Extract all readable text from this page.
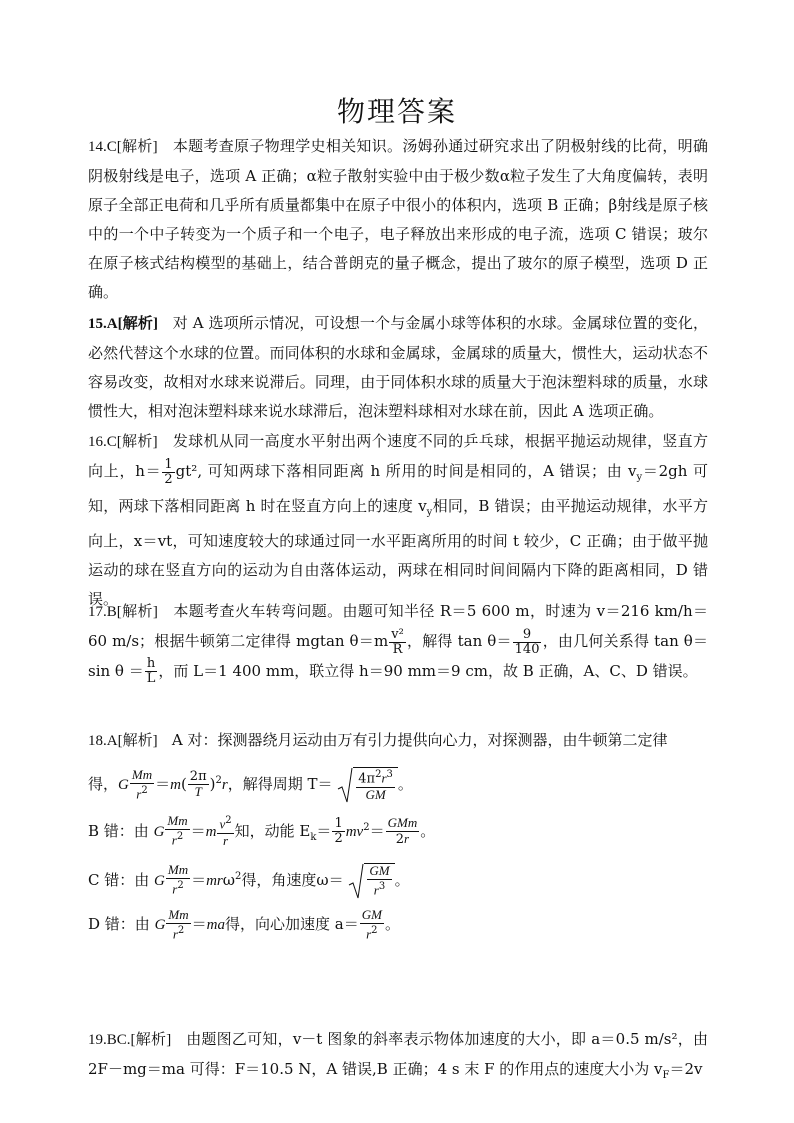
物理答案

14.C[解析] 本题考查原子物理学史相关知识。汤姆孙通过研究求出了阴极射线的比荷，明确阴极射线是电子，选项 A 正确；α粒子散射实验中由于极少数α粒子发生了大角度偏转，表明原子全部正电荷和几乎所有质量都集中在原子中很小的体积内，选项 B 正确；β射线是原子核中的一个中子转变为一个质子和一个电子，电子释放出来形成的电子流，选项 C 错误；玻尔在原子核式结构模型的基础上，结合普朗克的量子概念，提出了玻尔的原子模型，选项 D 正确。

15.A[解析] 对 A 选项所示情况，可设想一个与金属小球等体积的水球。金属球位置的变化，必然代替这个水球的位置。而同体积的水球和金属球，金属球的质量大，惯性大，运动状态不容易改变，故相对水球来说滞后。同理，由于同体积水球的质量大于泡沫塑料球的质量，水球惯性大，相对泡沫塑料球来说水球滞后，泡沫塑料球相对水球在前，因此 A 选项正确。

16.C[解析] 发球机从同一高度水平射出两个速度不同的乒乓球，根据平抛运动规律，竖直方向上，$h= \frac{1}{2} gt^2$, 可知两球下落相同距离 h 所用的时间是相同的，A 错误；由 $v_y=2gh$ 可知，两球下落相同距离 h 时在竖直方向上的速度 $v_y$相同，B 错误；由平抛运动规律，水平方向上，x＝vt，可知速度较大的球通过同一水平距离所用的时间 t 较少，C 正确；由于做平抛运动的球在竖直方向的运动为自由落体运动，两球在相同时间间隔内下降的距离相同，D 错误。

17.B[解析] 本题考查火车转弯问题。由题可知半径 R＝5 600 m，时速为 v＝216 km/h＝60 m/s；根据牛顿第二定律得 mgtan $\theta=m \frac{\text{v²}}{R}$ ，解得 $\tan \theta= \frac{9}{140}$ ，由几何关系得 tan θ＝sin $\theta = \frac{h}{L}$ ，而 L＝1 400 mm，联立得 h＝90 mm＝9 cm，故 B 正确，A、C、D 错误。

18.A[解析] A 对：探测器绕月运动由万有引力提供向心力，对探测器，由牛顿第二定律
得，G $\frac{Mm}{r^2} =m( \frac{2\pi}{T} )^2r$，解得周期 $T= \frac{4\pi^2r^3}{GM}$ 。
B 错：由 G $\frac{Mm}{r^2} =m \frac{v^2}{r}$ 知，动能 $E_k= \frac{1}{2} mv^2= \frac{\text{GMm}}{2r}$ 。
C 错：由 G $\frac{Mm}{r^2} =mr\omega^2$得，角速度$\omega= \frac{GM}{r^3}$ 。
D 错：由 G $\frac{Mm}{r^2} =ma$得，向心加速度 $a= \frac{GM}{r^2}$ 。

19.BC.[解析] 由题图乙可知，v－t 图象的斜率表示物体加速度的大小，即 a＝0.5 m/s²，由 2F－mg＝ma 可得：F＝10.5 N，A 错误,B 正确；4 s 末 F 的作用点的速度大小为 $v_F=2v$
